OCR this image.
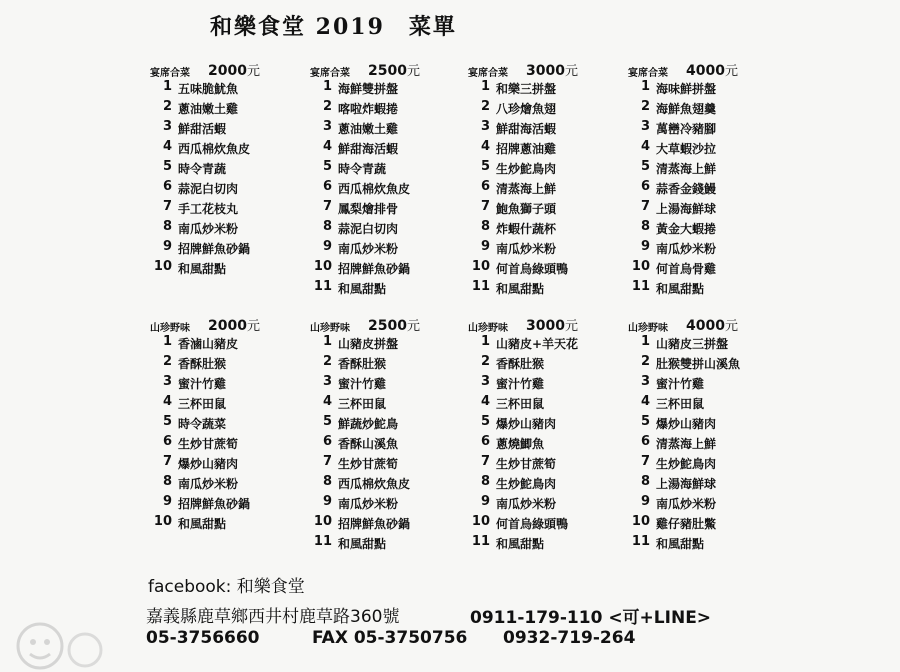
和樂食堂 2019　菜單
宴席合菜 2000元
1 五味脆魷魚
2 蔥油嫩土雞
3 鮮甜活蝦
4 西瓜棉炊魚皮
5 時令青蔬
6 蒜泥白切肉
7 手工花枝丸
8 南瓜炒米粉
9 招牌鮮魚砂鍋
10 和風甜點
宴席合菜 2500元
1 海鮮雙拼盤
2 喀啦炸蝦捲
3 蔥油嫩土雞
4 鮮甜海活蝦
5 時令青蔬
6 西瓜棉炊魚皮
7 鳳梨燴排骨
8 蒜泥白切肉
9 南瓜炒米粉
10 招牌鮮魚砂鍋
11 和風甜點
宴席合菜 3000元
1 和樂三拼盤
2 八珍燴魚翅
3 鮮甜海活蝦
4 招牌蔥油雞
5 生炒鮀鳥肉
6 清蒸海上鮮
7 鮑魚獅子頭
8 炸蝦什蔬杯
9 南瓜炒米粉
10 何首烏綠頭鴨
11 和風甜點
宴席合菜 4000元
1 海味鮮拼盤
2 海鮮魚翅羹
3 萬巒冷豬腳
4 大草蝦沙拉
5 清蒸海上鮮
6 蒜香金錢鰻
7 上湯海鮮球
8 黃金大蝦捲
9 南瓜炒米粉
10 何首烏骨雞
11 和風甜點
山珍野味 2000元
1 香滷山豬皮
2 香酥肚猴
3 蜜汁竹雞
4 三杯田鼠
5 時令蔬菜
6 生炒甘蔗筍
7 爆炒山豬肉
8 南瓜炒米粉
9 招牌鮮魚砂鍋
10 和風甜點
山珍野味 2500元
1 山豬皮拼盤
2 香酥肚猴
3 蜜汁竹雞
4 三杯田鼠
5 鮮蔬炒鮀鳥
6 香酥山溪魚
7 生炒甘蔗筍
8 西瓜棉炊魚皮
9 南瓜炒米粉
10 招牌鮮魚砂鍋
11 和風甜點
山珍野味 3000元
1 山豬皮+羊天花
2 香酥肚猴
3 蜜汁竹雞
4 三杯田鼠
5 爆炒山豬肉
6 蔥燒鯽魚
7 生炒甘蔗筍
8 生炒鮀鳥肉
9 南瓜炒米粉
10 何首烏綠頭鴨
11 和風甜點
山珍野味 4000元
1 山豬皮三拼盤
2 肚猴雙拼山溪魚
3 蜜汁竹雞
4 三杯田鼠
5 爆炒山豬肉
6 清蒸海上鮮
7 生炒鮀鳥肉
8 上湯海鮮球
9 南瓜炒米粉
10 雞仔豬肚鱉
11 和風甜點
facebook: 和樂食堂
嘉義縣鹿草鄉西井村鹿草路360號	0911-179-110 <可+LINE>
05-3756660	FAX 05-3750756 0932-719-264
